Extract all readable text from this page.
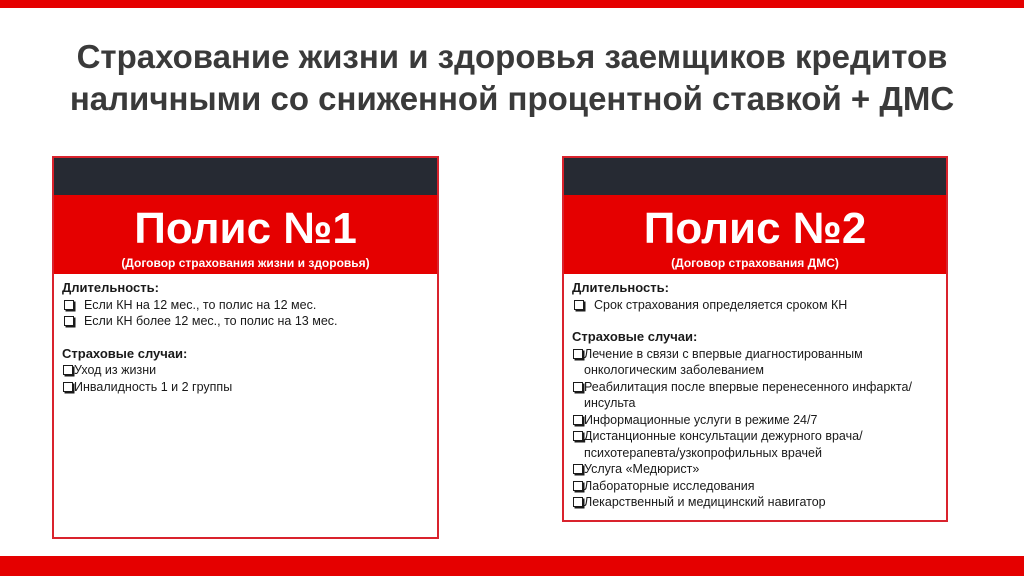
Страхование жизни и здоровья заемщиков кредитов
наличными со сниженной процентной ставкой + ДМС
Полис №1
(Договор страхования жизни и здоровья)
Длительность:
Если КН на 12 мес., то полис на 12 мес.
Если КН более 12 мес., то полис на 13 мес.
Страховые случаи:
Уход из жизни
Инвалидность 1 и 2 группы
Полис №2
(Договор страхования ДМС)
Длительность:
Срок страхования определяется сроком КН
Страховые случаи:
Лечение в связи с впервые диагностированным онкологическим заболеванием
Реабилитация после впервые перенесенного инфаркта/инсульта
Информационные услуги в режиме 24/7
Дистанционные консультации дежурного врача/ психотерапевта/узкопрофильных врачей
Услуга «Медюрист»
Лабораторные исследования
Лекарственный и медицинский навигатор
